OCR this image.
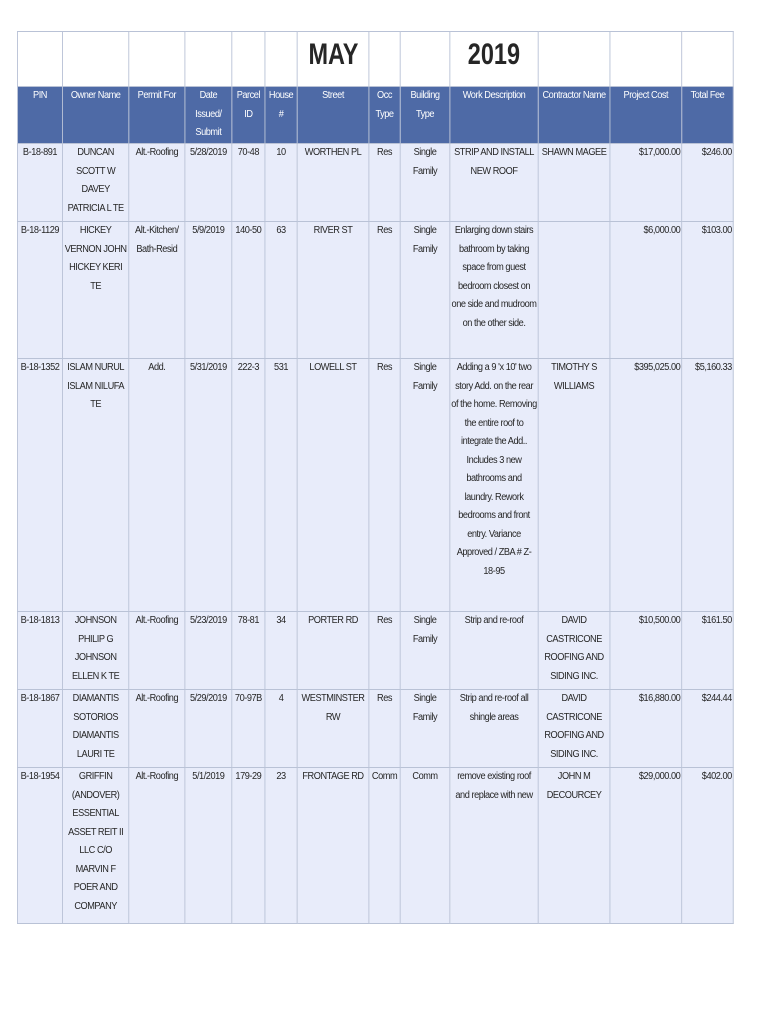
						MAY			2019			
PIN	Owner Name	Permit For	Date Issued/ Submit	Parcel ID	House #	Street	Occ Type	Building Type	Work Description	Contractor Name	Project Cost	Total Fee
B-18-891	DUNCAN SCOTT W DAVEY PATRICIA L TE	Alt.-Roofing	5/28/2019	70-48	10	WORTHEN PL	Res	Single Family	STRIP AND INSTALL NEW ROOF	SHAWN MAGEE	$17,000.00	$246.00
B-18-1129	HICKEY VERNON JOHN HICKEY KERI TE	Alt.-Kitchen/ Bath-Resid	5/9/2019	140-50	63	RIVER ST	Res	Single Family	Enlarging down stairs bathroom by taking space from guest bedroom closest on one side and mudroom on the other side.		$6,000.00	$103.00
B-18-1352	ISLAM NURUL ISLAM NILUFA TE	Add.	5/31/2019	222-3	531	LOWELL ST	Res	Single Family	Adding a 9 'x 10' two story Add. on the rear of the home. Removing the entire roof to integrate the Add.. Includes 3 new bathrooms and laundry. Rework bedrooms and front entry. Variance Approved / ZBA # Z-18-95	TIMOTHY S WILLIAMS	$395,025.00	$5,160.33
B-18-1813	JOHNSON PHILIP G JOHNSON ELLEN K TE	Alt.-Roofing	5/23/2019	78-81	34	PORTER RD	Res	Single Family	Strip and re-roof	DAVID CASTRICONE ROOFING AND SIDING INC.	$10,500.00	$161.50
B-18-1867	DIAMANTIS SOTORIOS DIAMANTIS LAURI TE	Alt.-Roofing	5/29/2019	70-97B	4	WESTMINSTER RW	Res	Single Family	Strip and re-roof all shingle areas	DAVID CASTRICONE ROOFING AND SIDING INC.	$16,880.00	$244.44
B-18-1954	GRIFFIN (ANDOVER) ESSENTIAL ASSET REIT II LLC C/O MARVIN F POER AND COMPANY	Alt.-Roofing	5/1/2019	179-29	23	FRONTAGE RD	Comm	Comm	remove existing roof and replace with new	JOHN M DECOURCEY	$29,000.00	$402.00
